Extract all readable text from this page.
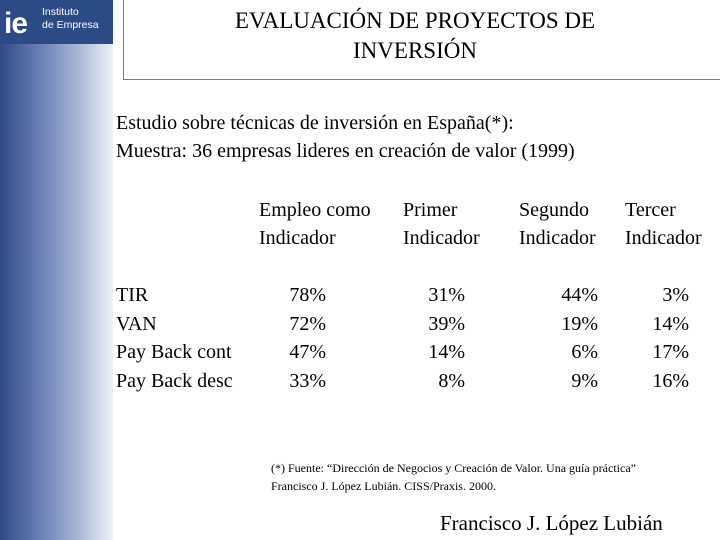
ie	Instituto
de Empresa	EVALUACIÓN DE PROYECTOS DE
INVERSIÓN
Estudio sobre técnicas de inversión en España(*):
Muestra: 36 empresas lideres en creación de valor (1999)
Empleo como
Indicador
Primer
Indicador
Segundo
Indicador
Tercer
Indicador
TIR
VAN
Pay Back cont
Pay Back desc
78%
72%
47%
33%
31%
39%
14%
8%
44%
19%
6%
9%
3%
14%
17%
16%
(*) Fuente: “Dirección de Negocios y Creación de Valor. Una guía práctica”
Francisco J. López Lubián. CISS/Praxis. 2000.
Francisco J. López Lubián
